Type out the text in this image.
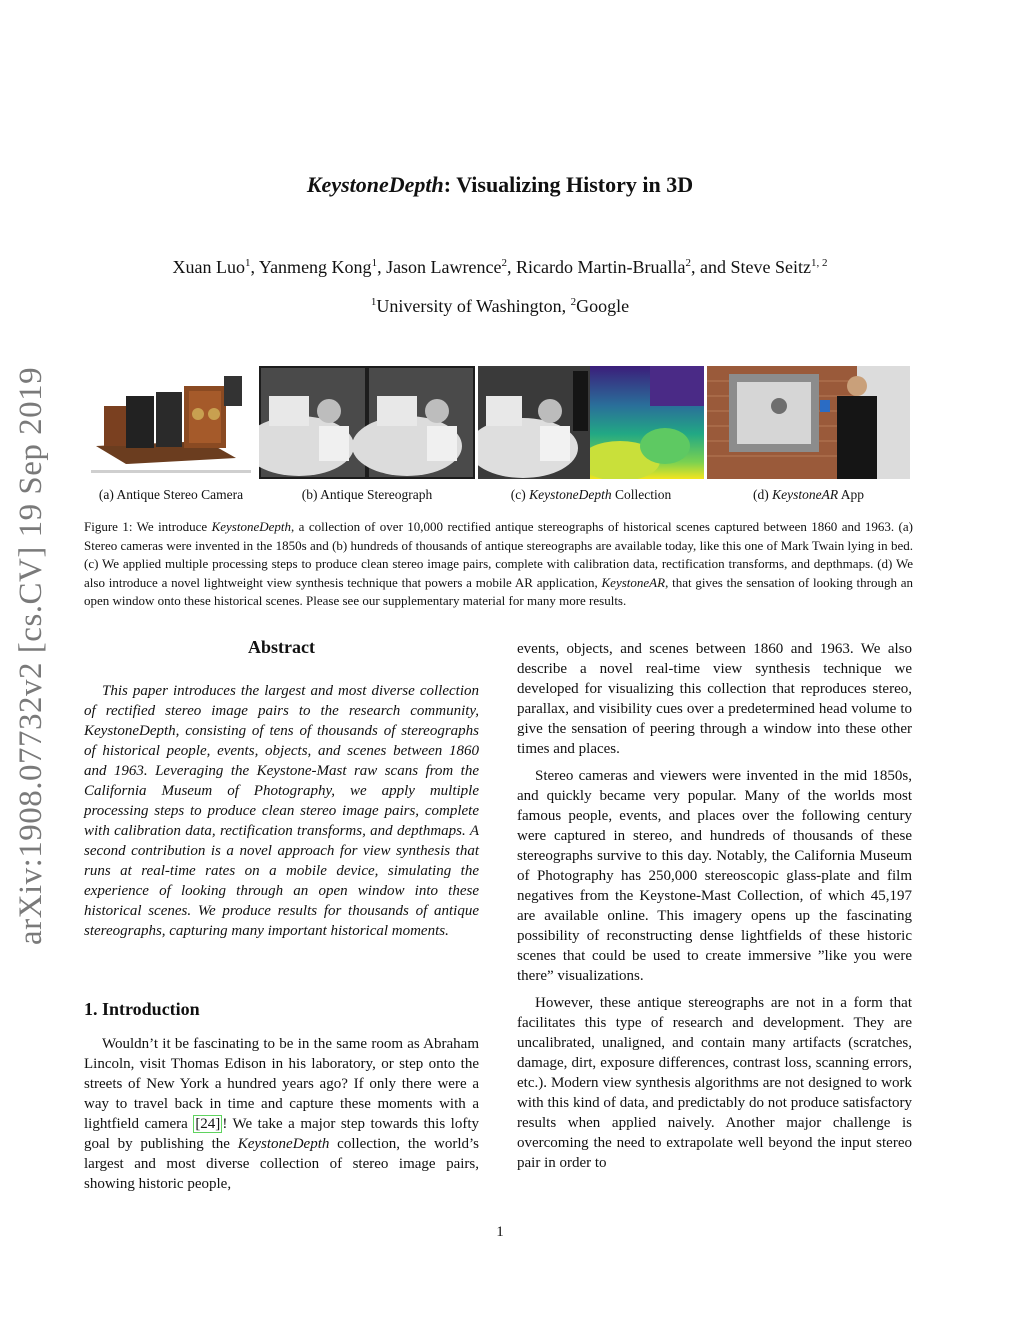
arXiv:1908.07732v2 [cs.CV] 19 Sep 2019
KeystoneDepth: Visualizing History in 3D
Xuan Luo$^1$, Yanmeng Kong$^1$, Jason Lawrence$^2$, Ricardo Martin-Brualla$^2$, and Steve Seitz$^{1, 2}$
$^1$University of Washington, $^2$Google
(a) Antique Stereo Camera	(b) Antique Stereograph	(c) KeystoneDepth Collection	(d) KeystoneAR App
Figure 1: We introduce KeystoneDepth, a collection of over 10,000 rectified antique stereographs of historical scenes captured between 1860 and 1963. (a) Stereo cameras were invented in the 1850s and (b) hundreds of thousands of antique stereographs are available today, like this one of Mark Twain lying in bed. (c) We applied multiple processing steps to produce clean stereo image pairs, complete with calibration data, rectification transforms, and depthmaps. (d) We also introduce a novel lightweight view synthesis technique that powers a mobile AR application, KeystoneAR, that gives the sensation of looking through an open window onto these historical scenes. Please see our supplementary material for many more results.
Abstract

This paper introduces the largest and most diverse collection of rectified stereo image pairs to the research community, KeystoneDepth, consisting of tens of thousands of stereographs of historical people, events, objects, and scenes between 1860 and 1963. Leveraging the Keystone-Mast raw scans from the California Museum of Photography, we apply multiple processing steps to produce clean stereo image pairs, complete with calibration data, rectification transforms, and depthmaps. A second contribution is a novel approach for view synthesis that runs at real-time rates on a mobile device, simulating the experience of looking through an open window into these historical scenes. We produce results for thousands of antique stereographs, capturing many important historical moments.

1. Introduction

Wouldn’t it be fascinating to be in the same room as Abraham Lincoln, visit Thomas Edison in his laboratory, or step onto the streets of New York a hundred years ago? If only there were a way to travel back in time and capture these moments with a lightfield camera [24] ! We take a major step towards this lofty goal by publishing the KeystoneDepth collection, the world’s largest and most diverse collection of stereo image pairs, showing historic people,

events, objects, and scenes between 1860 and 1963. We also describe a novel real-time view synthesis technique we developed for visualizing this collection that reproduces stereo, parallax, and visibility cues over a predetermined head volume to give the sensation of peering through a window into these other times and places.

Stereo cameras and viewers were invented in the mid 1850s, and quickly became very popular. Many of the worlds most famous people, events, and places over the following century were captured in stereo, and hundreds of thousands of these stereographs survive to this day. Notably, the California Museum of Photography has 250,000 stereoscopic glass-plate and film negatives from the Keystone-Mast Collection, of which 45,197 are available online. This imagery opens up the fascinating possibility of reconstructing dense lightfields of these historic scenes that could be used to create immersive ”like you were there” visualizations.

However, these antique stereographs are not in a form that facilitates this type of research and development. They are uncalibrated, unaligned, and contain many artifacts (scratches, damage, dirt, exposure differences, contrast loss, scanning errors, etc.). Modern view synthesis algorithms are not designed to work with this kind of data, and predictably do not produce satisfactory results when applied naively. Another major challenge is overcoming the need to extrapolate well beyond the input stereo pair in order to

1
